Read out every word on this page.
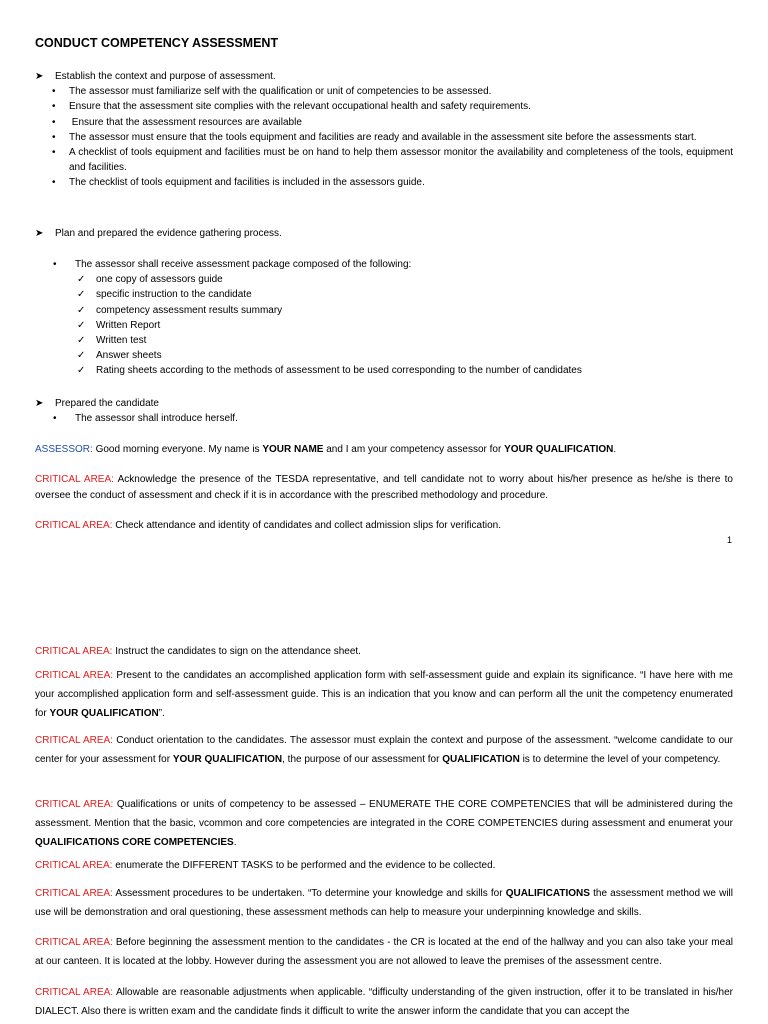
CONDUCT COMPETENCY ASSESSMENT
➤ Establish the context and purpose of assessment.
• The assessor must familiarize self with the qualification or unit of competencies to be assessed.
• Ensure that the assessment site complies with the relevant occupational health and safety requirements.
• Ensure that the assessment resources are available
• The assessor must ensure that the tools equipment and facilities are ready and available in the assessment site before the assessments start.
• A checklist of tools equipment and facilities must be on hand to help them assessor monitor the availability and completeness of the tools, equipment and facilities.
• The checklist of tools equipment and facilities is included in the assessors guide.
➤ Plan and prepared the evidence gathering process.
• The assessor shall receive assessment package composed of the following:
✓ one copy of assessors guide
✓ specific instruction to the candidate
✓ competency assessment results summary
✓ Written Report
✓ Written test
✓ Answer sheets
✓ Rating sheets according to the methods of assessment to be used corresponding to the number of candidates
➤ Prepared the candidate
• The assessor shall introduce herself.
ASSESSOR: Good morning everyone. My name is YOUR NAME and I am your competency assessor for YOUR QUALIFICATION.
CRITICAL AREA: Acknowledge the presence of the TESDA representative, and tell candidate not to worry about his/her presence as he/she is there to oversee the conduct of assessment and check if it is in accordance with the prescribed methodology and procedure.
CRITICAL AREA: Check attendance and identity of candidates and collect admission slips for verification.
1
CRITICAL AREA: Instruct the candidates to sign on the attendance sheet.
CRITICAL AREA: Present to the candidates an accomplished application form with self-assessment guide and explain its significance. “I have here with me your accomplished application form and self-assessment guide. This is an indication that you know and can perform all the unit the competency enumerated for YOUR QUALIFICATION”.
CRITICAL AREA: Conduct orientation to the candidates. The assessor must explain the context and purpose of the assessment. “welcome candidate to our center for your assessment for YOUR QUALIFICATION, the purpose of our assessment for QUALIFICATION is to determine the level of your competency.
CRITICAL AREA: Qualifications or units of competency to be assessed – ENUMERATE THE CORE COMPETENCIES that will be administered during the assessment. Mention that the basic, vcommon and core competencies are integrated in the CORE COMPETENCIES during assessment and enumerat your QUALIFICATIONS CORE COMPETENCIES.
CRITICAL AREA: enumerate the DIFFERENT TASKS to be performed and the evidence to be collected.
CRITICAL AREA: Assessment procedures to be undertaken. “To determine your knowledge and skills for QUALIFICATIONS the assessment method we will use will be demonstration and oral questioning, these assessment methods can help to measure your underpinning knowledge and skills.
CRITICAL AREA: Before beginning the assessment mention to the candidates - the CR is located at the end of the hallway and you can also take your meal at our canteen. It is located at the lobby. However during the assessment you are not allowed to leave the premises of the assessment centre.
CRITICAL AREA: Allowable are reasonable adjustments when applicable. “difficulty understanding of the given instruction, offer it to be translated in his/her DIALECT. Also there is written exam and the candidate finds it difficult to write the answer inform the candidate that you can accept the
